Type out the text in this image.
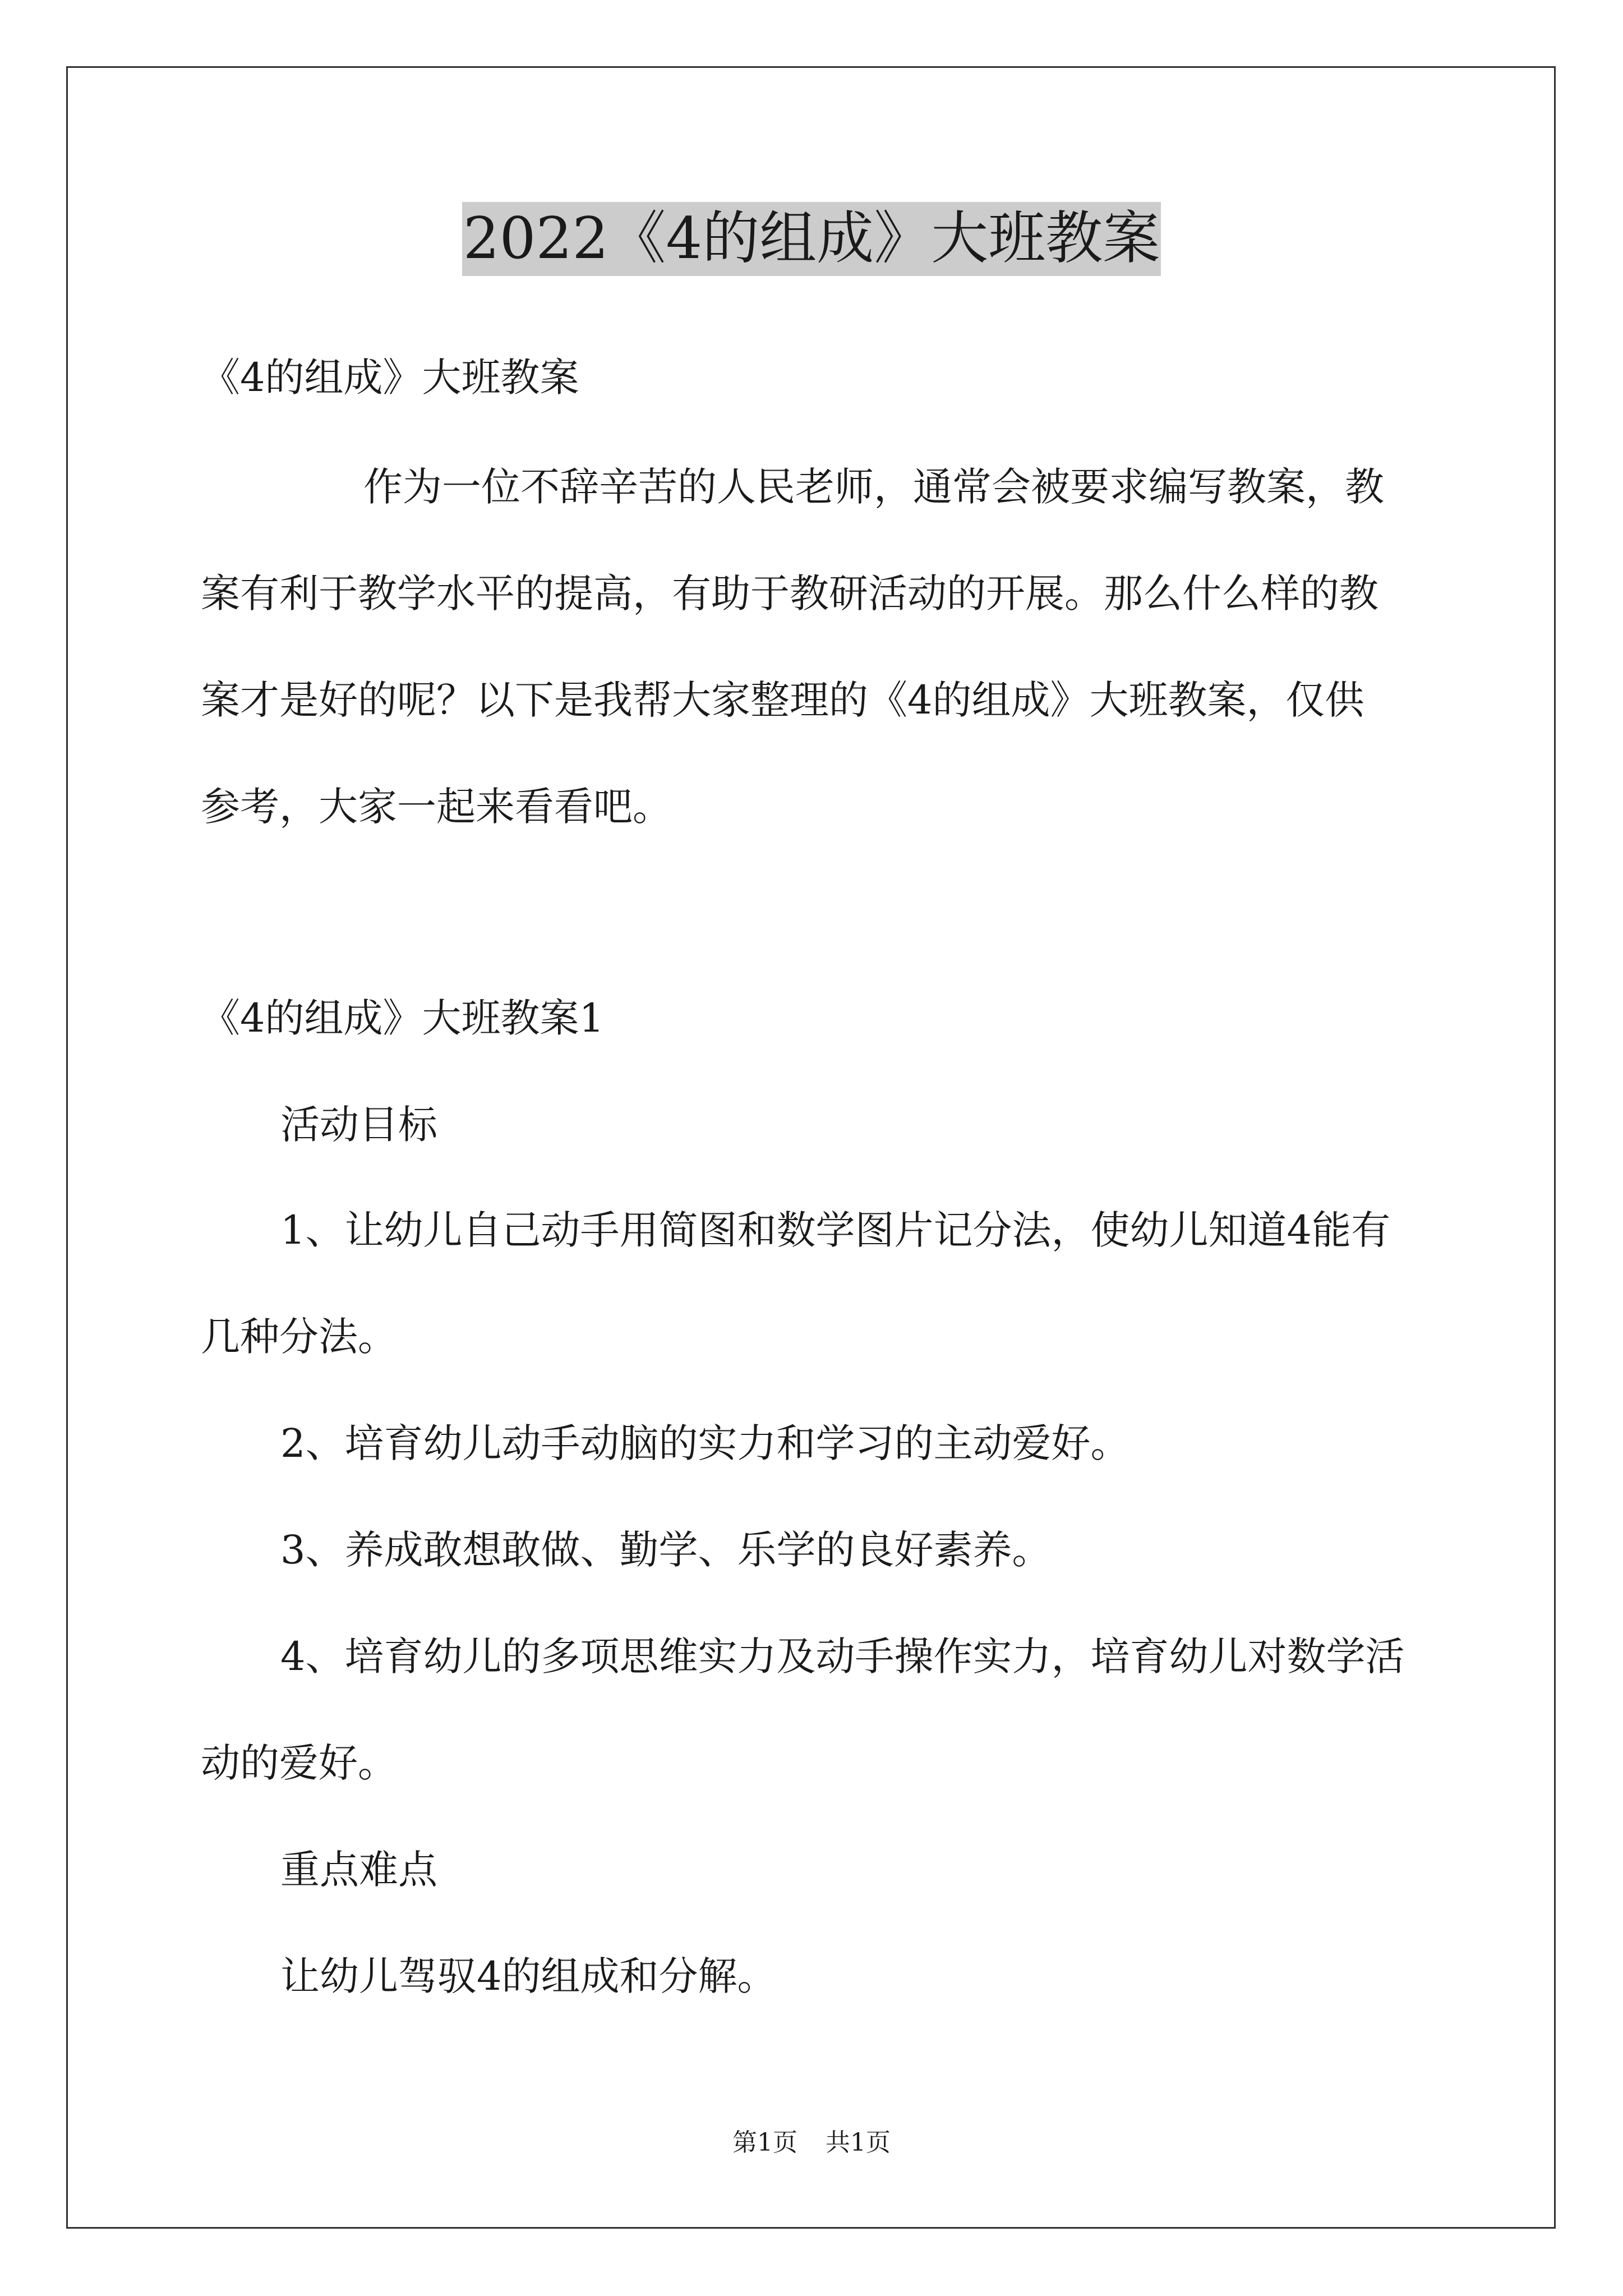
2022《4的组成》大班教案
《4的组成》大班教案
作为一位不辞辛苦的人民老师，通常会被要求编写教案，教
案有利于教学水平的提高，有助于教研活动的开展。那么什么样的教
案才是好的呢？以下是我帮大家整理的《4的组成》大班教案，仅供
参考，大家一起来看看吧。
《4的组成》大班教案1
活动目标
1、让幼儿自己动手用简图和数学图片记分法，使幼儿知道4能有
几种分法。
2、培育幼儿动手动脑的实力和学习的主动爱好。
3、养成敢想敢做、勤学、乐学的良好素养。
4、培育幼儿的多项思维实力及动手操作实力，培育幼儿对数学活
动的爱好。
重点难点
让幼儿驾驭4的组成和分解。
第1页 共1页
